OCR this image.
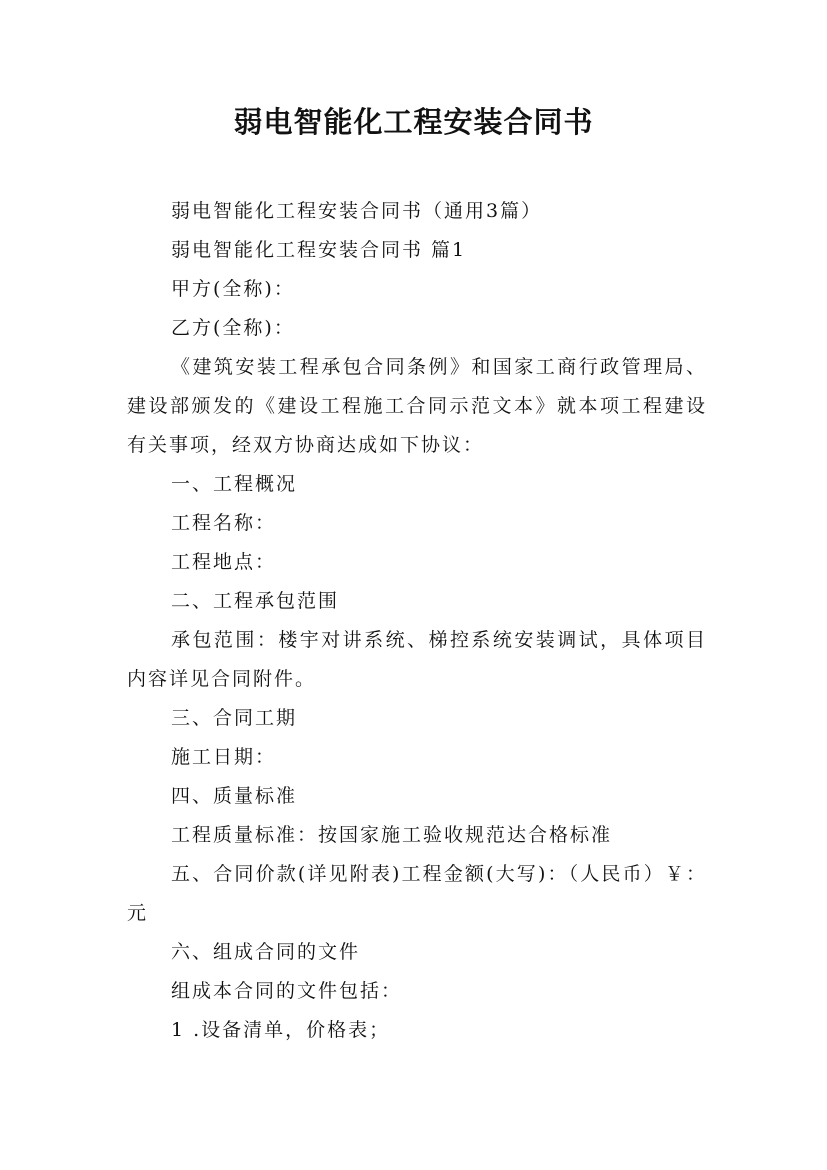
弱电智能化工程安装合同书

弱电智能化工程安装合同书（通用3篇）

弱电智能化工程安装合同书 篇1

甲方(全称)：

乙方(全称)：

《建筑安装工程承包合同条例》和国家工商行政管理局、建设部颁发的《建设工程施工合同示范文本》就本项工程建设有关事项，经双方协商达成如下协议：

一、工程概况

工程名称：

工程地点：

二、工程承包范围

承包范围：楼宇对讲系统、梯控系统安装调试，具体项目内容详见合同附件。

三、合同工期

施工日期：

四、质量标准

工程质量标准：按国家施工验收规范达合格标准

五、合同价款(详见附表)工程金额(大写)：（人民币）￥： 元

六、组成合同的文件

组成本合同的文件包括：

1 .设备清单，价格表；
